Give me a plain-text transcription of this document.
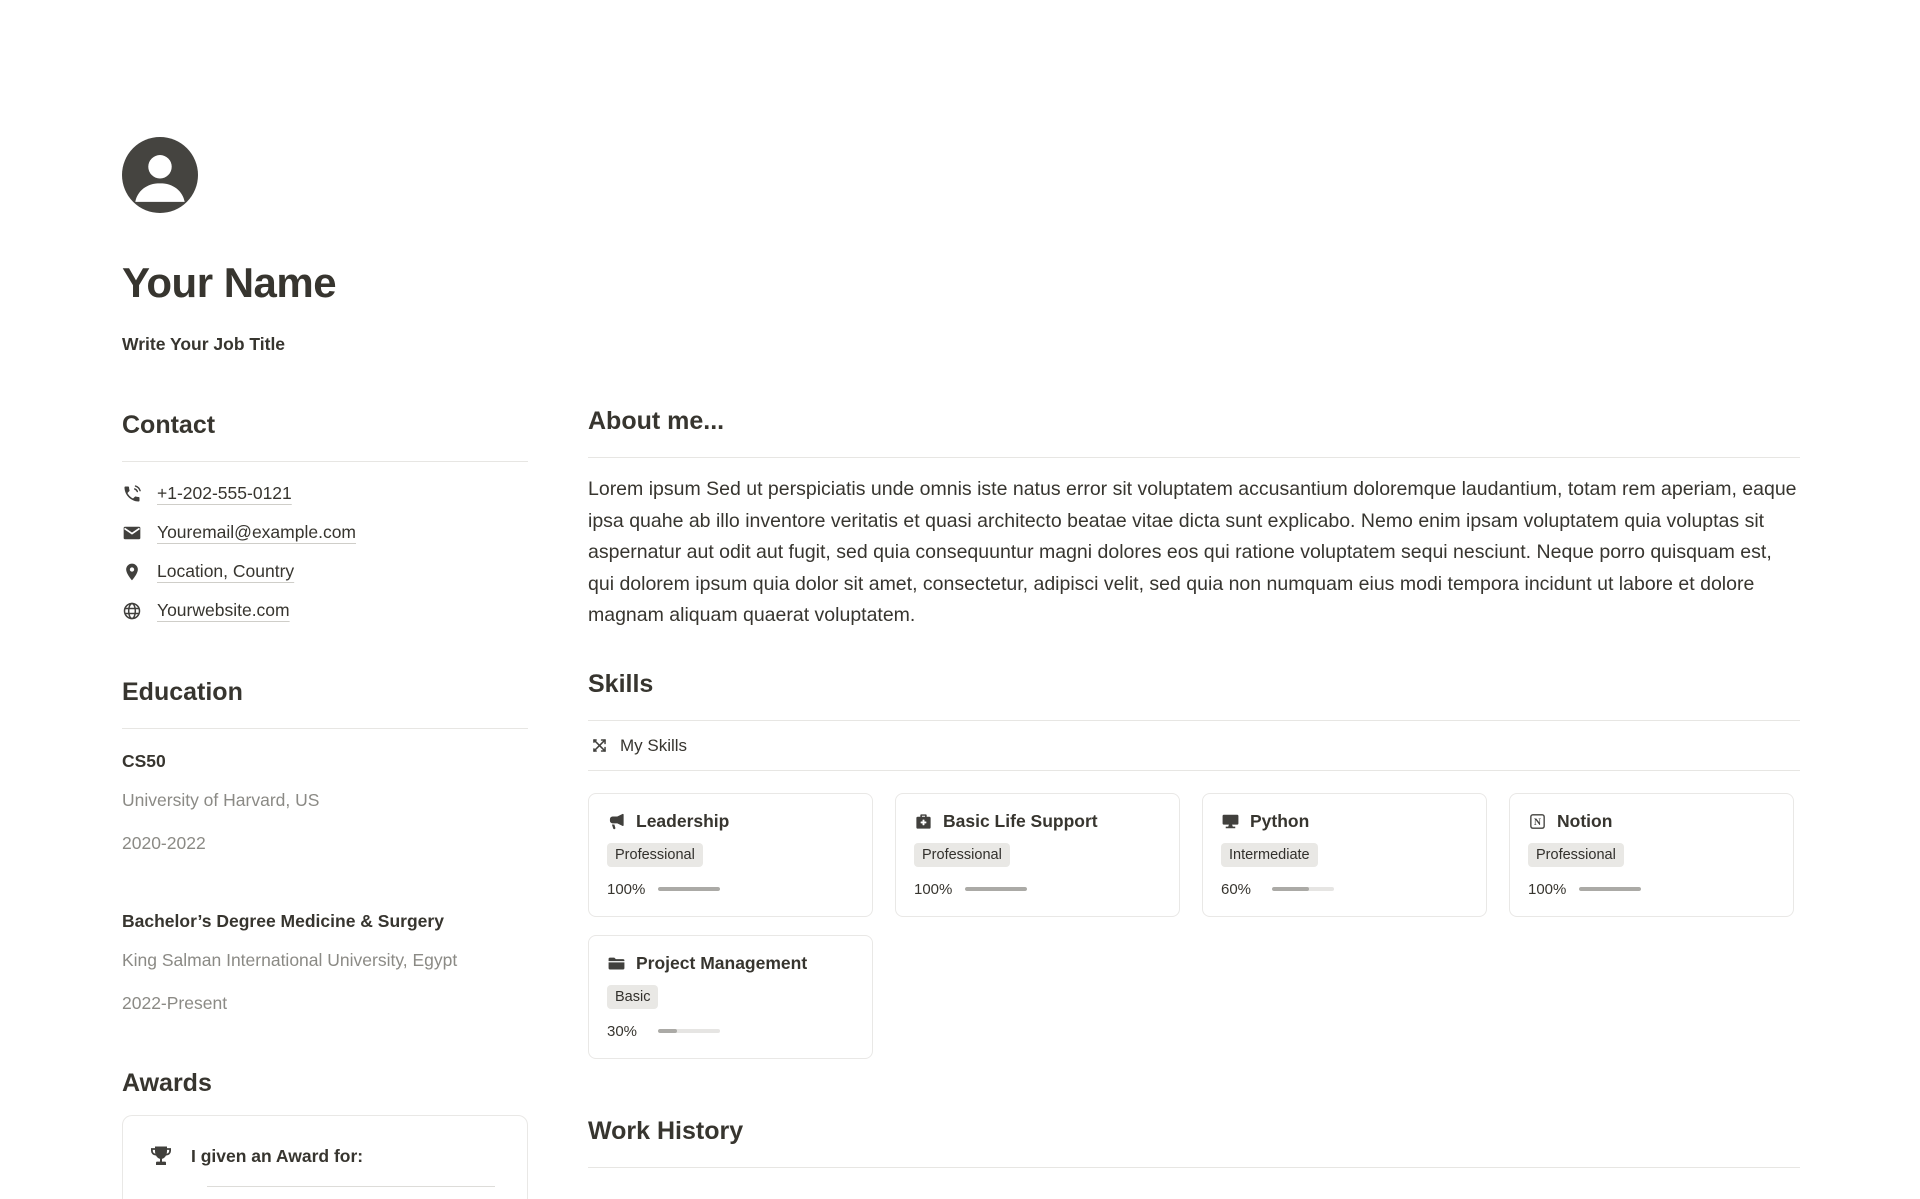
Your Name
Write Your Job Title
Contact
+1-202-555-0121
Youremail@example.com
Location, Country
Yourwebsite.com
Education
CS50
University of Harvard, US
2020-2022
Bachelor’s Degree Medicine & Surgery
King Salman International University, Egypt
2022-Present
Awards
I given an Award for:
About me...

Lorem ipsum Sed ut perspiciatis unde omnis iste natus error sit voluptatem accusantium doloremque laudantium, totam rem aperiam, eaque ipsa quahe ab illo inventore veritatis et quasi architecto beatae vitae dicta sunt explicabo. Nemo enim ipsam voluptatem quia voluptas sit aspernatur aut odit aut fugit, sed quia consequuntur magni dolores eos qui ratione voluptatem sequi nesciunt. Neque porro quisquam est, qui dolorem ipsum quia dolor sit amet, consectetur, adipisci velit, sed quia non numquam eius modi tempora incidunt ut labore et dolore magnam aliquam quaerat voluptatem.

Skills
My Skills
Leadership
Professional
100%
Basic Life Support
Professional
100%
Python
Intermediate
60%
N Notion
Professional
100%
Project Management
Basic
30%
Work History
